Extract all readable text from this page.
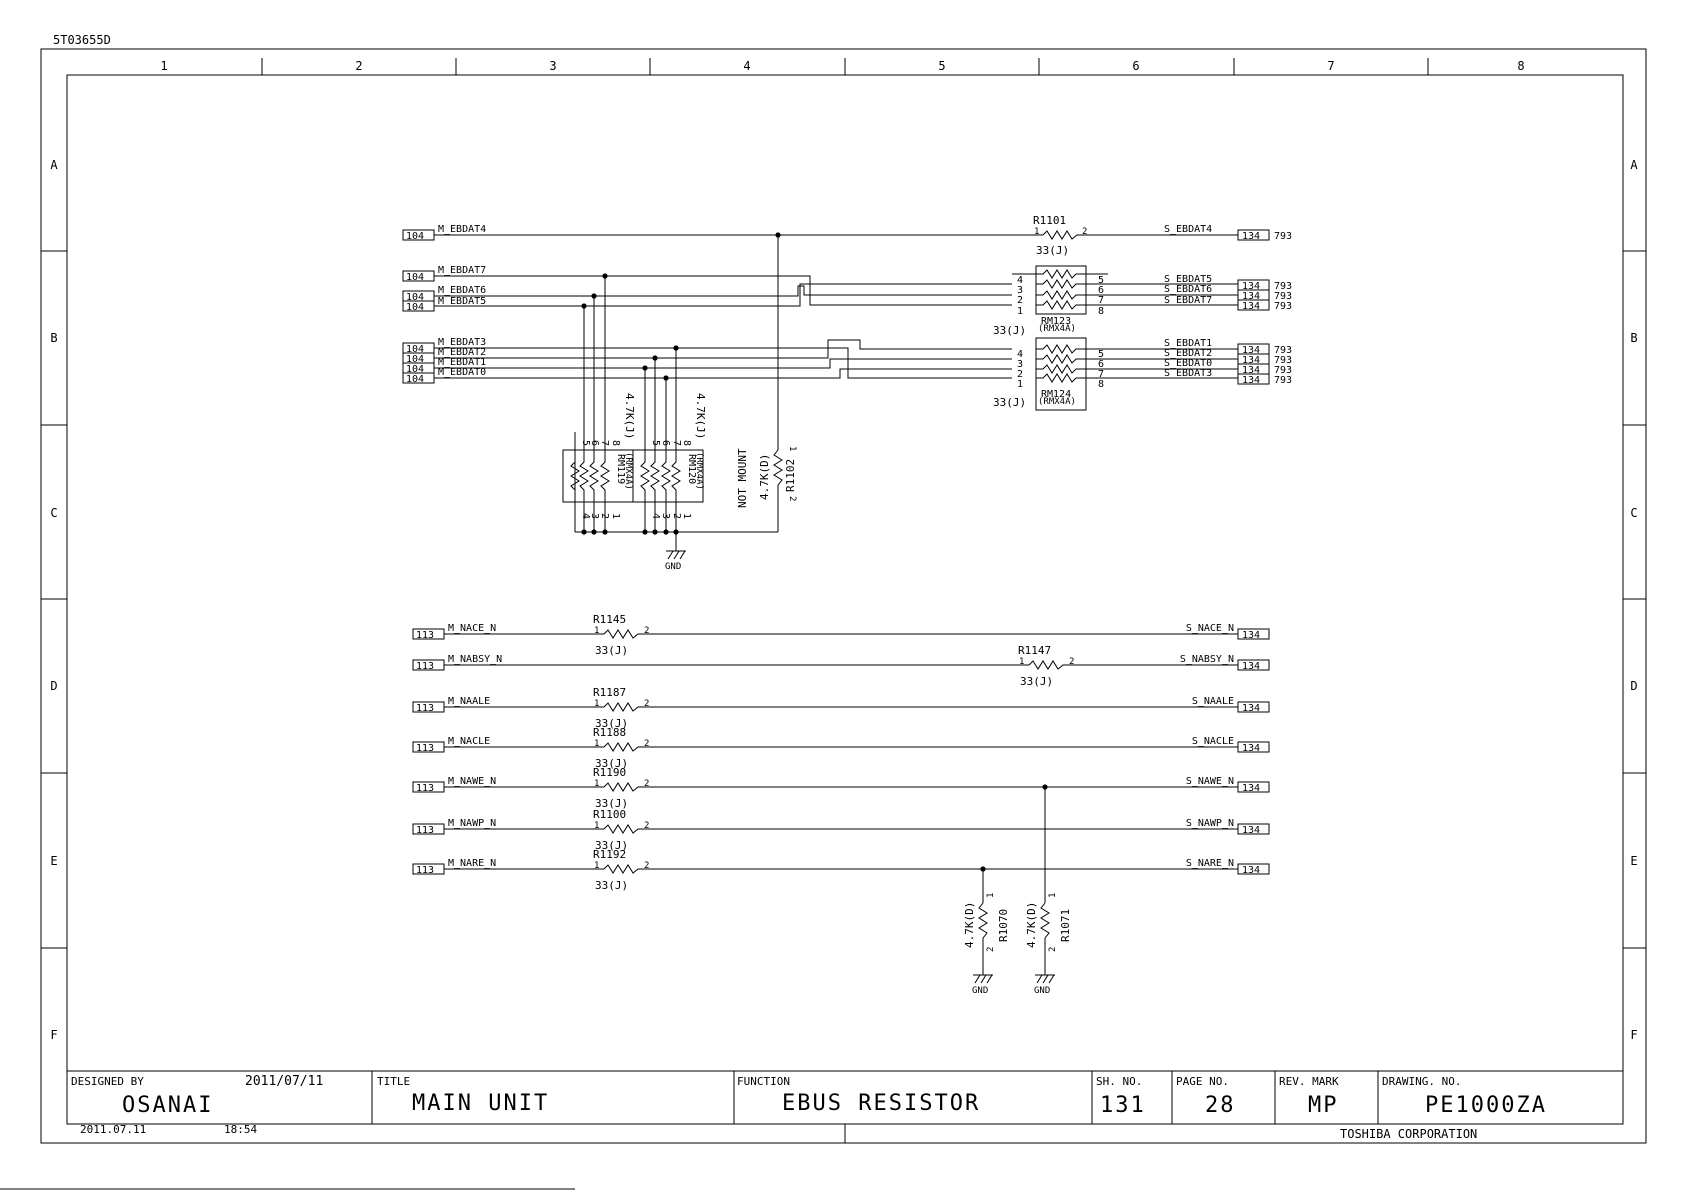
5T03655D
1	2	3	4	5	6	7	8
A
B
C
D
E
F
A
B
C
D
E
F
104
M_EBDAT4
104
M_EBDAT7
104
M_EBDAT6
104
M_EBDAT5
104
M_EBDAT3
104
M_EBDAT2
104
M_EBDAT1
104
M_EBDAT0
R1101
1	2
33(J)
4
3
2
1
5
6
7
8
RM123
(RMX4A)
33(J)
4
3
2
1
5
6
7
8
RM124
(RMX4A)
33(J)
S_EBDAT4
134 793
S_EBDAT5
134 793
S_EBDAT6
134 793
S_EBDAT7
134 793
S_EBDAT1
134 793
S_EBDAT2
134 793
S_EBDAT0
134 793
S_EBDAT3
134 793
5
6 7 8
4
3 2 1
RM119
(RMX4A)
4.7K(J)
5 6 7 8
4 3 2 1
RM120
(RMX4A)
4.7K(J)
1
2
NOT MOUNT 4.7K(D) R1102
GND
113
M_NACE_N
R1145
1	2
33(J)
S_NACE_N
134
113
M_NABSY_N
R1147
1	2
33(J)
S_NABSY_N
134
113
M_NAALE
R1187
1	2
33(J)
S_NAALE
134
113
M_NACLE
R1188
1	2
33(J)
S_NACLE
134
113
M_NAWE_N
R1190
1	2
33(J)
S_NAWE_N
134
113
M_NAWP_N
R1100
1	2
33(J)
S_NAWP_N
134
113
M_NARE_N
R1192
1	2
33(J)
S_NARE_N
134
1
2
4.7K(D) R1070
GND
1
2
4.7K(D) R1071
GND
DESIGNED BY	2011/07/11
OSANAI
TITLE
MAIN UNIT
FUNCTION
EBUS RESISTOR
SH. NO.
131
PAGE NO.
28
REV. MARK
MP
DRAWING. NO.
PE1000ZA
2011.07.11	18:54	TOSHIBA CORPORATION
